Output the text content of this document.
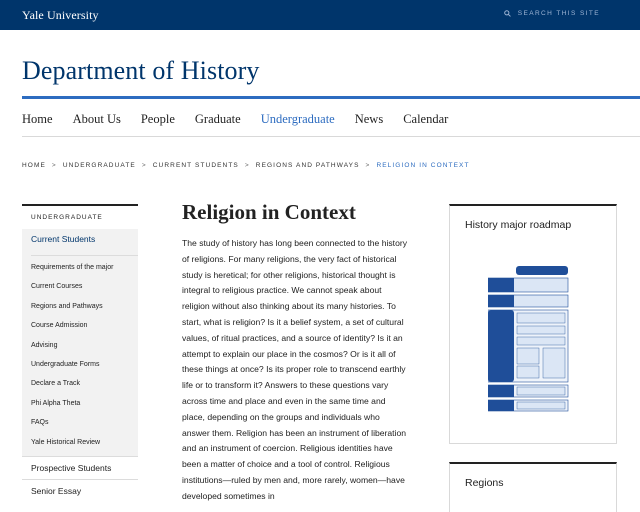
Yale University	SEARCH THIS SITE
Department of History
Home About Us People Graduate Undergraduate News Calendar
HOME > UNDERGRADUATE > CURRENT STUDENTS > REGIONS AND PATHWAYS > RELIGION IN CONTEXT
UNDERGRADUATE
Current Students
Requirements of the major
Current Courses
Regions and Pathways
Course Admission
Advising
Undergraduate Forms
Declare a Track
Phi Alpha Theta
FAQs
Yale Historical Review
Prospective Students
Senior Essay
Religion in Context

The study of history has long been connected to the history of religions. For many religions, the very fact of historical study is heretical; for other religions, historical thought is integral to religious practice. We cannot speak about religion without also thinking about its many histories. To start, what is religion? Is it a belief system, a set of cultural values, of ritual practices, and a source of identity? Is it an attempt to explain our place in the cosmos? Or is it all of these things at once? Is its proper role to transcend earthly life or to transform it? Answers to these questions vary across time and place and even in the same time and place, depending on the groups and individuals who answer them. Religion has been an instrument of liberation and an instrument of coercion. Religious identities have been a matter of choice and a tool of control. Religious institutions—ruled by men and, more rarely, women—have developed sometimes in

History major roadmap
Regions
